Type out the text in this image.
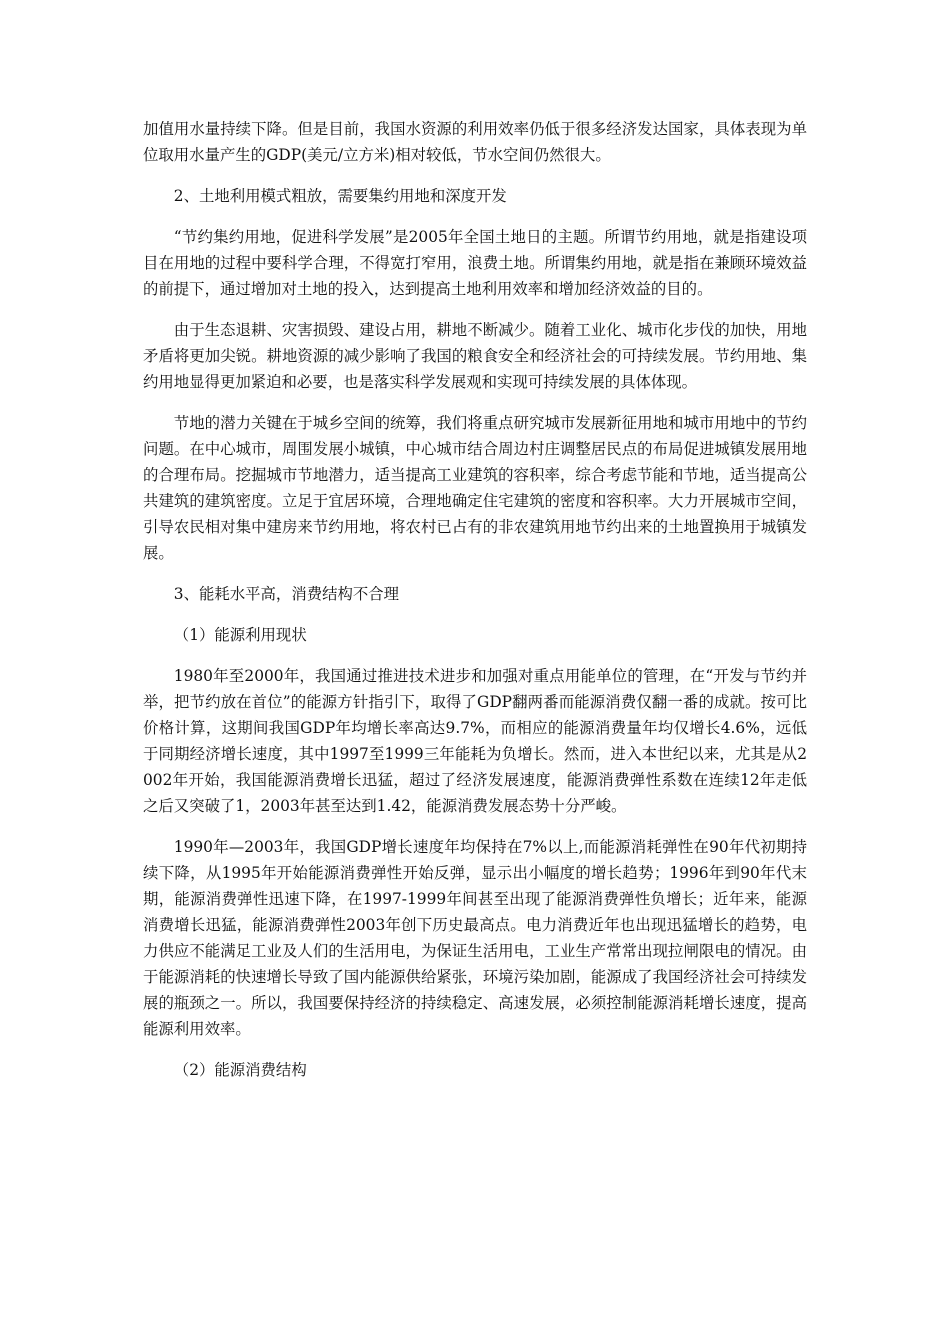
加值用水量持续下降。但是目前，我国水资源的利用效率仍低于很多经济发达国家，具体表现为单位取用水量产生的GDP(美元/立方米)相对较低，节水空间仍然很大。

2、土地利用模式粗放，需要集约用地和深度开发

“节约集约用地，促进科学发展”是2005年全国土地日的主题。所谓节约用地，就是指建设项目在用地的过程中要科学合理，不得宽打窄用，浪费土地。所谓集约用地，就是指在兼顾环境效益的前提下，通过增加对土地的投入，达到提高土地利用效率和增加经济效益的目的。

由于生态退耕、灾害损毁、建设占用，耕地不断减少。随着工业化、城市化步伐的加快，用地矛盾将更加尖锐。耕地资源的减少影响了我国的粮食安全和经济社会的可持续发展。节约用地、集约用地显得更加紧迫和必要，也是落实科学发展观和实现可持续发展的具体体现。

节地的潜力关键在于城乡空间的统筹，我们将重点研究城市发展新征用地和城市用地中的节约问题。在中心城市，周围发展小城镇，中心城市结合周边村庄调整居民点的布局促进城镇发展用地的合理布局。挖掘城市节地潜力，适当提高工业建筑的容积率，综合考虑节能和节地，适当提高公共建筑的建筑密度。立足于宜居环境，合理地确定住宅建筑的密度和容积率。大力开展城市空间，引导农民相对集中建房来节约用地，将农村已占有的非农建筑用地节约出来的土地置换用于城镇发展。

3、能耗水平高，消费结构不合理

（1）能源利用现状

1980年至2000年，我国通过推进技术进步和加强对重点用能单位的管理，在“开发与节约并举，把节约放在首位”的能源方针指引下，取得了GDP翻两番而能源消费仅翻一番的成就。按可比价格计算，这期间我国GDP年均增长率高达9.7%，而相应的能源消费量年均仅增长4.6%，远低于同期经济增长速度，其中1997至1999三年能耗为负增长。然而，进入本世纪以来，尤其是从2002年开始，我国能源消费增长迅猛，超过了经济发展速度，能源消费弹性系数在连续12年走低之后又突破了1，2003年甚至达到1.42，能源消费发展态势十分严峻。

1990年—2003年，我国GDP增长速度年均保持在7%以上,而能源消耗弹性在90年代初期持续下降，从1995年开始能源消费弹性开始反弹，显示出小幅度的增长趋势；1996年到90年代末期，能源消费弹性迅速下降，在1997-1999年间甚至出现了能源消费弹性负增长；近年来，能源消费增长迅猛，能源消费弹性2003年创下历史最高点。电力消费近年也出现迅猛增长的趋势，电力供应不能满足工业及人们的生活用电，为保证生活用电，工业生产常常出现拉闸限电的情况。由于能源消耗的快速增长导致了国内能源供给紧张，环境污染加剧，能源成了我国经济社会可持续发展的瓶颈之一。所以，我国要保持经济的持续稳定、高速发展，必须控制能源消耗增长速度，提高能源利用效率。

（2）能源消费结构
